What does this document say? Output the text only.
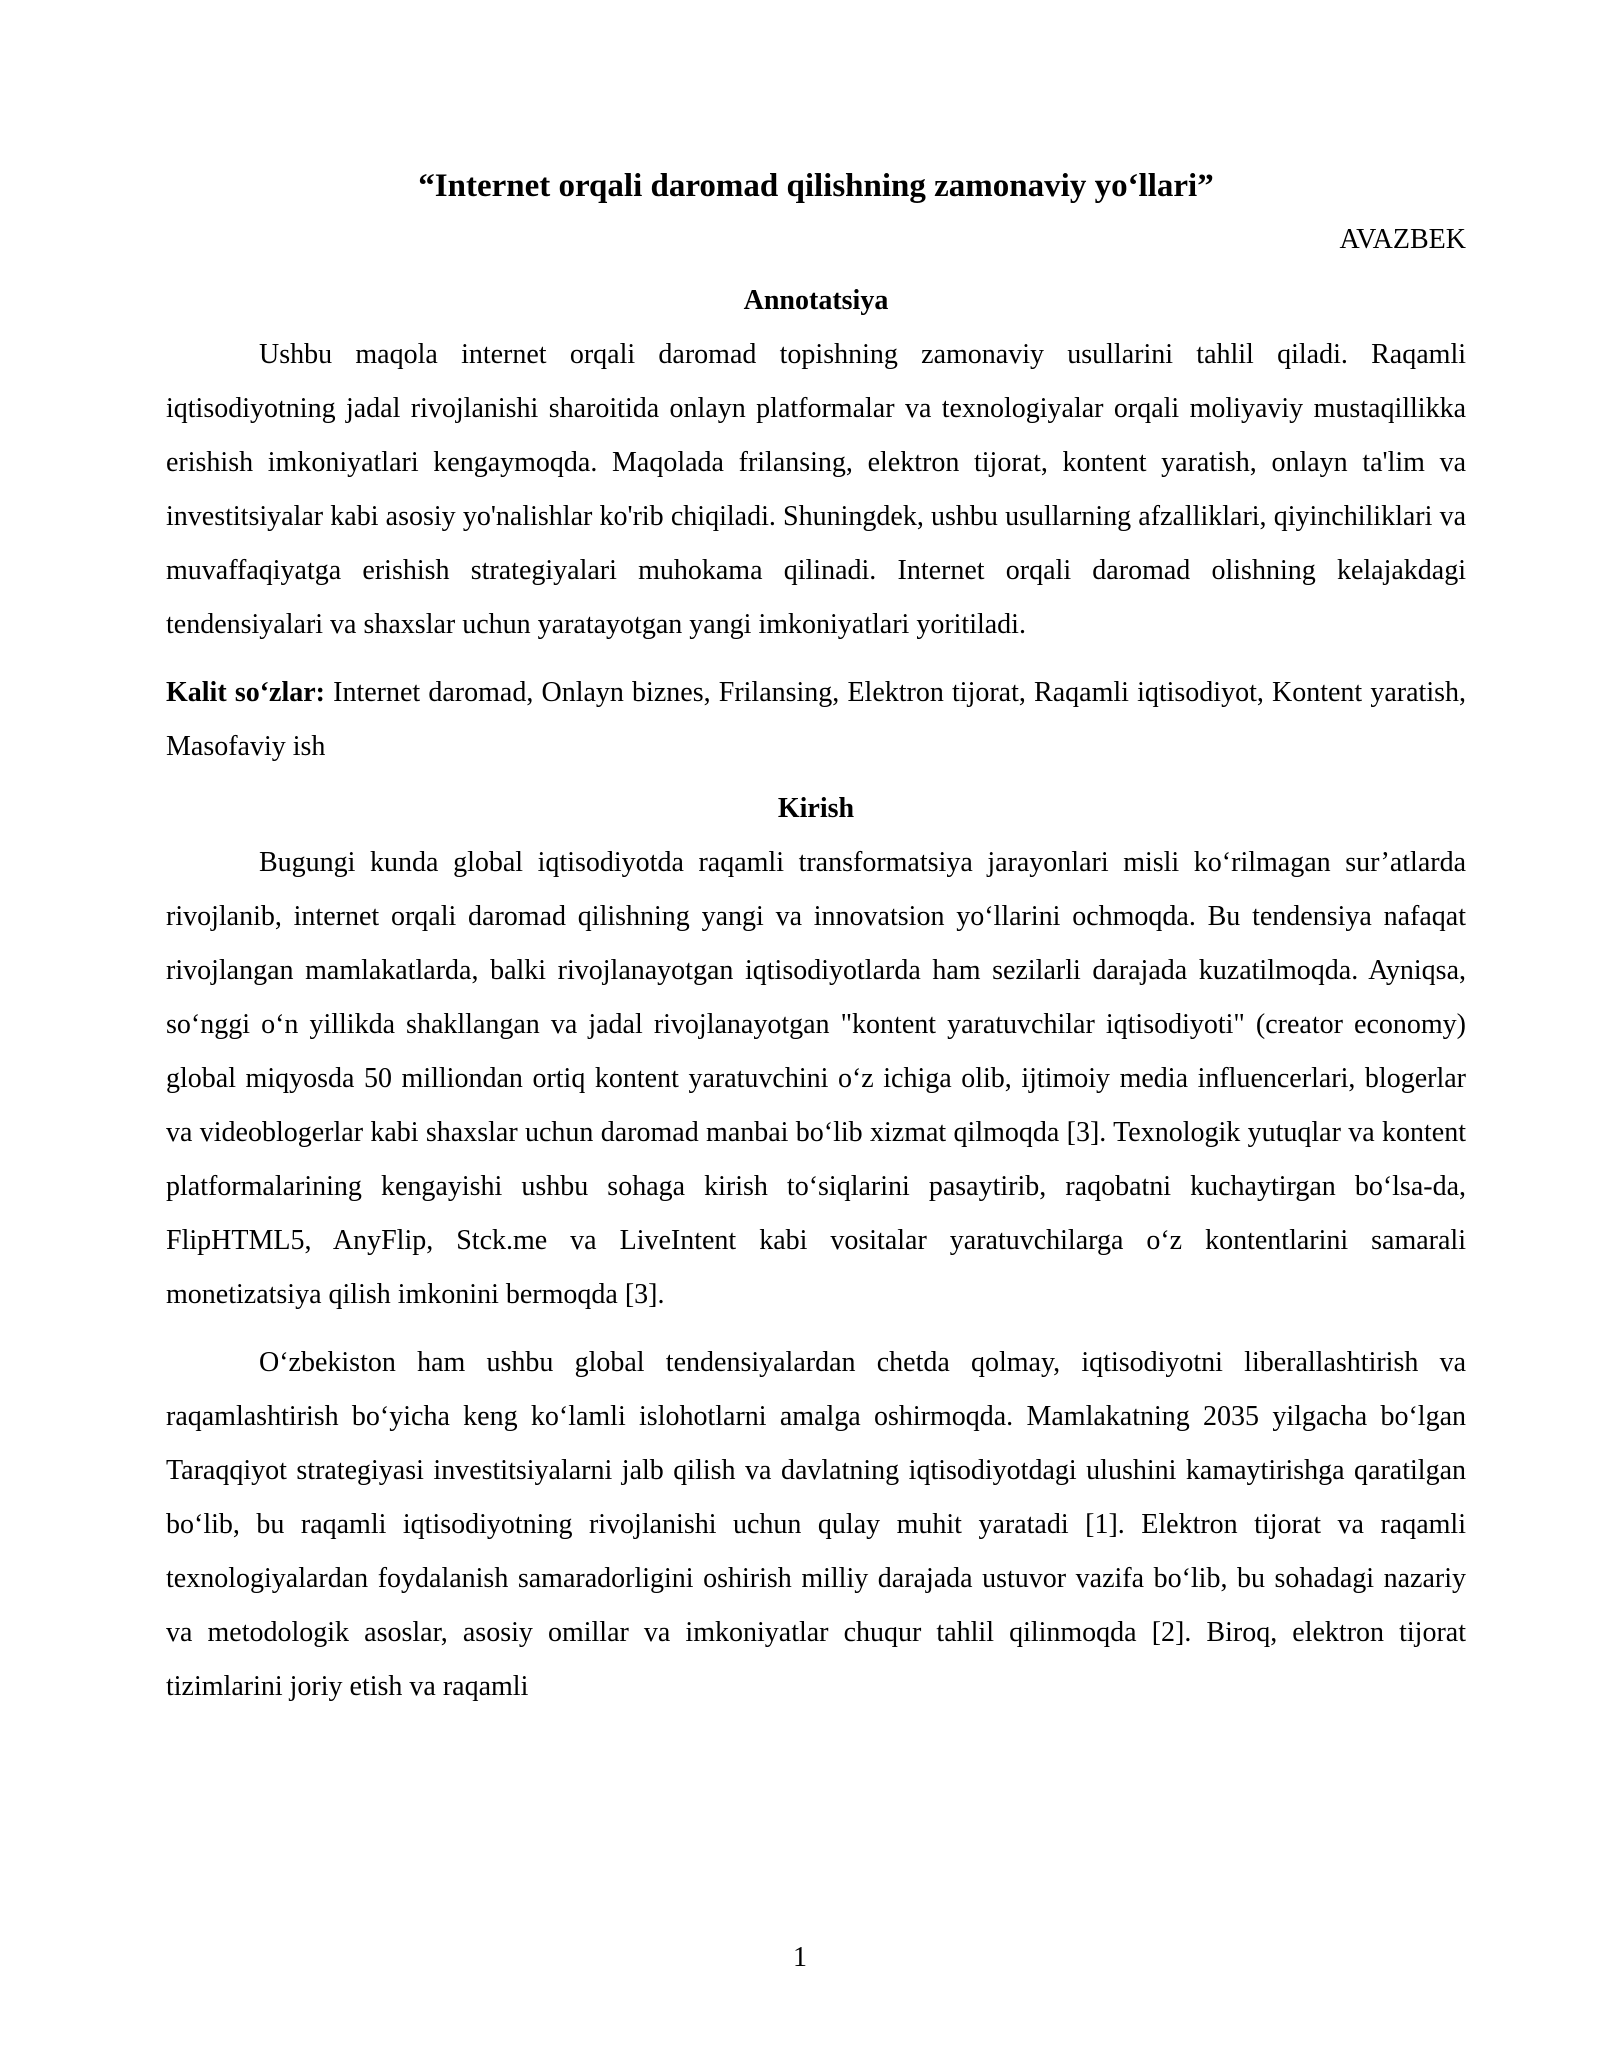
“Internet orqali daromad qilishning zamonaviy yo‘llari”

AVAZBEK

Annotatsiya

Ushbu maqola internet orqali daromad topishning zamonaviy usullarini tahlil qiladi. Raqamli iqtisodiyotning jadal rivojlanishi sharoitida onlayn platformalar va texnologiyalar orqali moliyaviy mustaqillikka erishish imkoniyatlari kengaymoqda. Maqolada frilansing, elektron tijorat, kontent yaratish, onlayn ta'lim va investitsiyalar kabi asosiy yo'nalishlar ko'rib chiqiladi. Shuningdek, ushbu usullarning afzalliklari, qiyinchiliklari va muvaffaqiyatga erishish strategiyalari muhokama qilinadi. Internet orqali daromad olishning kelajakdagi tendensiyalari va shaxslar uchun yaratayotgan yangi imkoniyatlari yoritiladi.

Kalit so‘zlar: Internet daromad, Onlayn biznes, Frilansing, Elektron tijorat, Raqamli iqtisodiyot, Kontent yaratish, Masofaviy ish

Kirish

Bugungi kunda global iqtisodiyotda raqamli transformatsiya jarayonlari misli ko‘rilmagan sur’atlarda rivojlanib, internet orqali daromad qilishning yangi va innovatsion yo‘llarini ochmoqda. Bu tendensiya nafaqat rivojlangan mamlakatlarda, balki rivojlanayotgan iqtisodiyotlarda ham sezilarli darajada kuzatilmoqda. Ayniqsa, so‘nggi o‘n yillikda shakllangan va jadal rivojlanayotgan "kontent yaratuvchilar iqtisodiyoti" (creator economy) global miqyosda 50 milliondan ortiq kontent yaratuvchini o‘z ichiga olib, ijtimoiy media influencerlari, blogerlar va videoblogerlar kabi shaxslar uchun daromad manbai bo‘lib xizmat qilmoqda [3]. Texnologik yutuqlar va kontent platformalarining kengayishi ushbu sohaga kirish to‘siqlarini pasaytirib, raqobatni kuchaytirgan bo‘lsa-da, FlipHTML5, AnyFlip, Stck.me va LiveIntent kabi vositalar yaratuvchilarga o‘z kontentlarini samarali monetizatsiya qilish imkonini bermoqda [3].

O‘zbekiston ham ushbu global tendensiyalardan chetda qolmay, iqtisodiyotni liberallashtirish va raqamlashtirish bo‘yicha keng ko‘lamli islohotlarni amalga oshirmoqda. Mamlakatning 2035 yilgacha bo‘lgan Taraqqiyot strategiyasi investitsiyalarni jalb qilish va davlatning iqtisodiyotdagi ulushini kamaytirishga qaratilgan bo‘lib, bu raqamli iqtisodiyotning rivojlanishi uchun qulay muhit yaratadi [1]. Elektron tijorat va raqamli texnologiyalardan foydalanish samaradorligini oshirish milliy darajada ustuvor vazifa bo‘lib, bu sohadagi nazariy va metodologik asoslar, asosiy omillar va imkoniyatlar chuqur tahlil qilinmoqda [2]. Biroq, elektron tijorat tizimlarini joriy etish va raqamli

1
